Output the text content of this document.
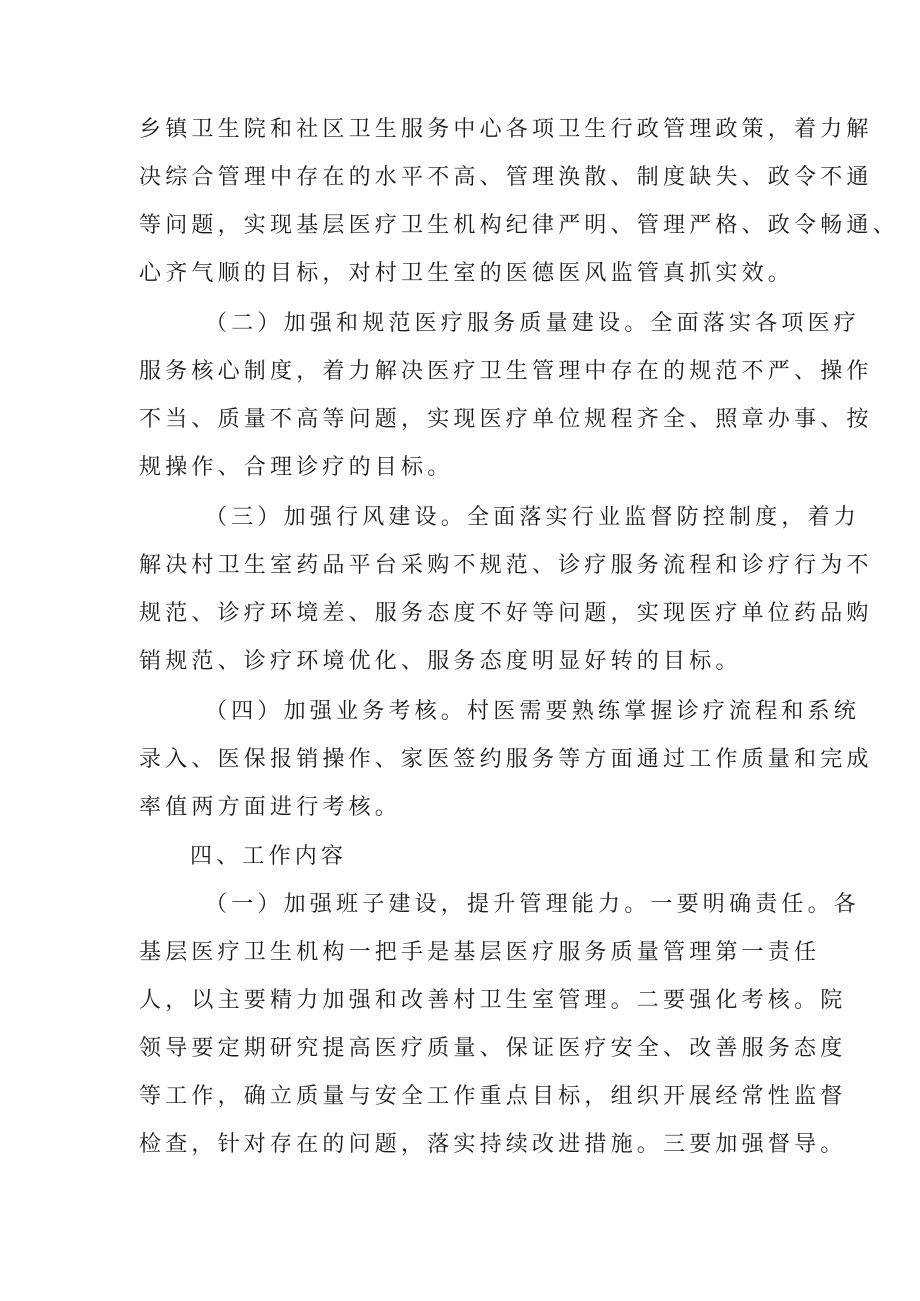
乡镇卫生院和社区卫生服务中心各项卫生行政管理政策，着力解
决综合管理中存在的水平不高、管理涣散、制度缺失、政令不通
等问题，实现基层医疗卫生机构纪律严明、管理严格、政令畅通、
心齐气顺的目标，对村卫生室的医德医风监管真抓实效。
（二）加强和规范医疗服务质量建设。全面落实各项医疗
服务核心制度，着力解决医疗卫生管理中存在的规范不严、操作
不当、质量不高等问题，实现医疗单位规程齐全、照章办事、按
规操作、合理诊疗的目标。
（三）加强行风建设。全面落实行业监督防控制度，着力
解决村卫生室药品平台采购不规范、诊疗服务流程和诊疗行为不
规范、诊疗环境差、服务态度不好等问题，实现医疗单位药品购
销规范、诊疗环境优化、服务态度明显好转的目标。
（四）加强业务考核。村医需要熟练掌握诊疗流程和系统
录入、医保报销操作、家医签约服务等方面通过工作质量和完成
率值两方面进行考核。
四、工作内容
（一）加强班子建设，提升管理能力。一要明确责任。各
基层医疗卫生机构一把手是基层医疗服务质量管理第一责任
人，以主要精力加强和改善村卫生室管理。二要强化考核。院
领导要定期研究提高医疗质量、保证医疗安全、改善服务态度
等工作，确立质量与安全工作重点目标，组织开展经常性监督
检查，针对存在的问题，落实持续改进措施。三要加强督导。
